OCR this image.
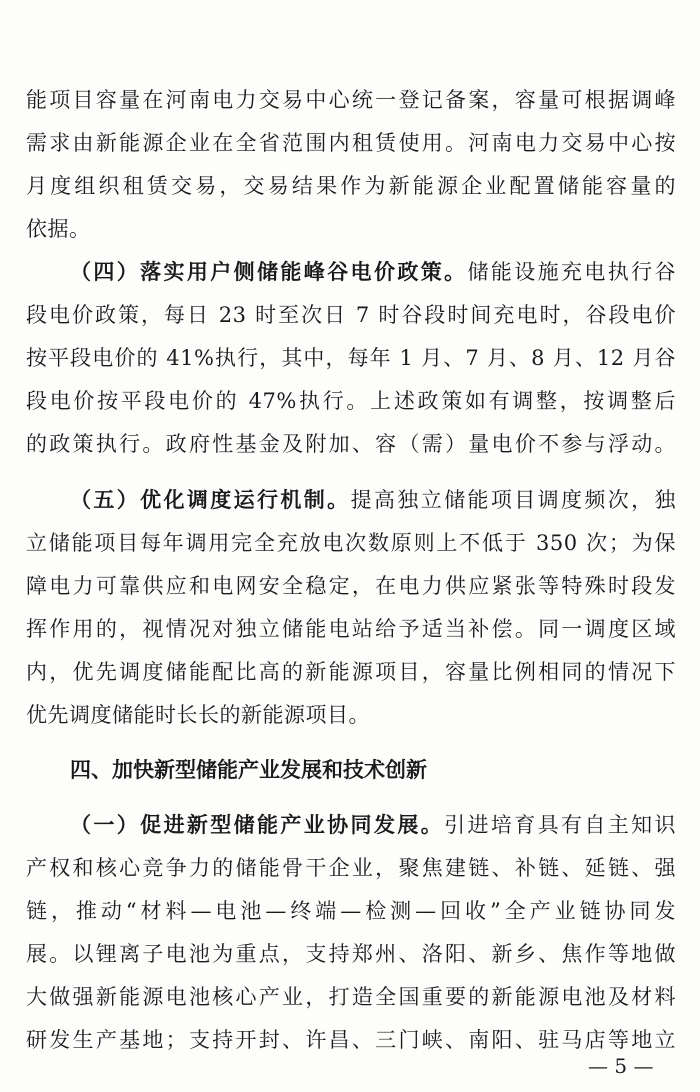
能项目容量在河南电力交易中心统一登记备案，容量可根据调峰
需求由新能源企业在全省范围内租赁使用。河南电力交易中心按
月度组织租赁交易，交易结果作为新能源企业配置储能容量的
依据。
（四）落实用户侧储能峰谷电价政策。储能设施充电执行谷
段电价政策，每日 23 时至次日 7 时谷段时间充电时，谷段电价
按平段电价的 41%执行，其中，每年 1 月、7 月、8 月、12 月谷
段电价按平段电价的 47%执行。上述政策如有调整，按调整后
的政策执行。政府性基金及附加、容（需）量电价不参与浮动。
（五）优化调度运行机制。提高独立储能项目调度频次，独
立储能项目每年调用完全充放电次数原则上不低于 350 次；为保
障电力可靠供应和电网安全稳定，在电力供应紧张等特殊时段发
挥作用的，视情况对独立储能电站给予适当补偿。同一调度区域
内，优先调度储能配比高的新能源项目，容量比例相同的情况下
优先调度储能时长长的新能源项目。
四、加快新型储能产业发展和技术创新
（一）促进新型储能产业协同发展。引进培育具有自主知识
产权和核心竞争力的储能骨干企业，聚焦建链、补链、延链、强
链，推动“材料—电池—终端—检测—回收”全产业链协同发
展。以锂离子电池为重点，支持郑州、洛阳、新乡、焦作等地做
大做强新能源电池核心产业，打造全国重要的新能源电池及材料
研发生产基地；支持开封、许昌、三门峡、南阳、驻马店等地立
— 5 —
